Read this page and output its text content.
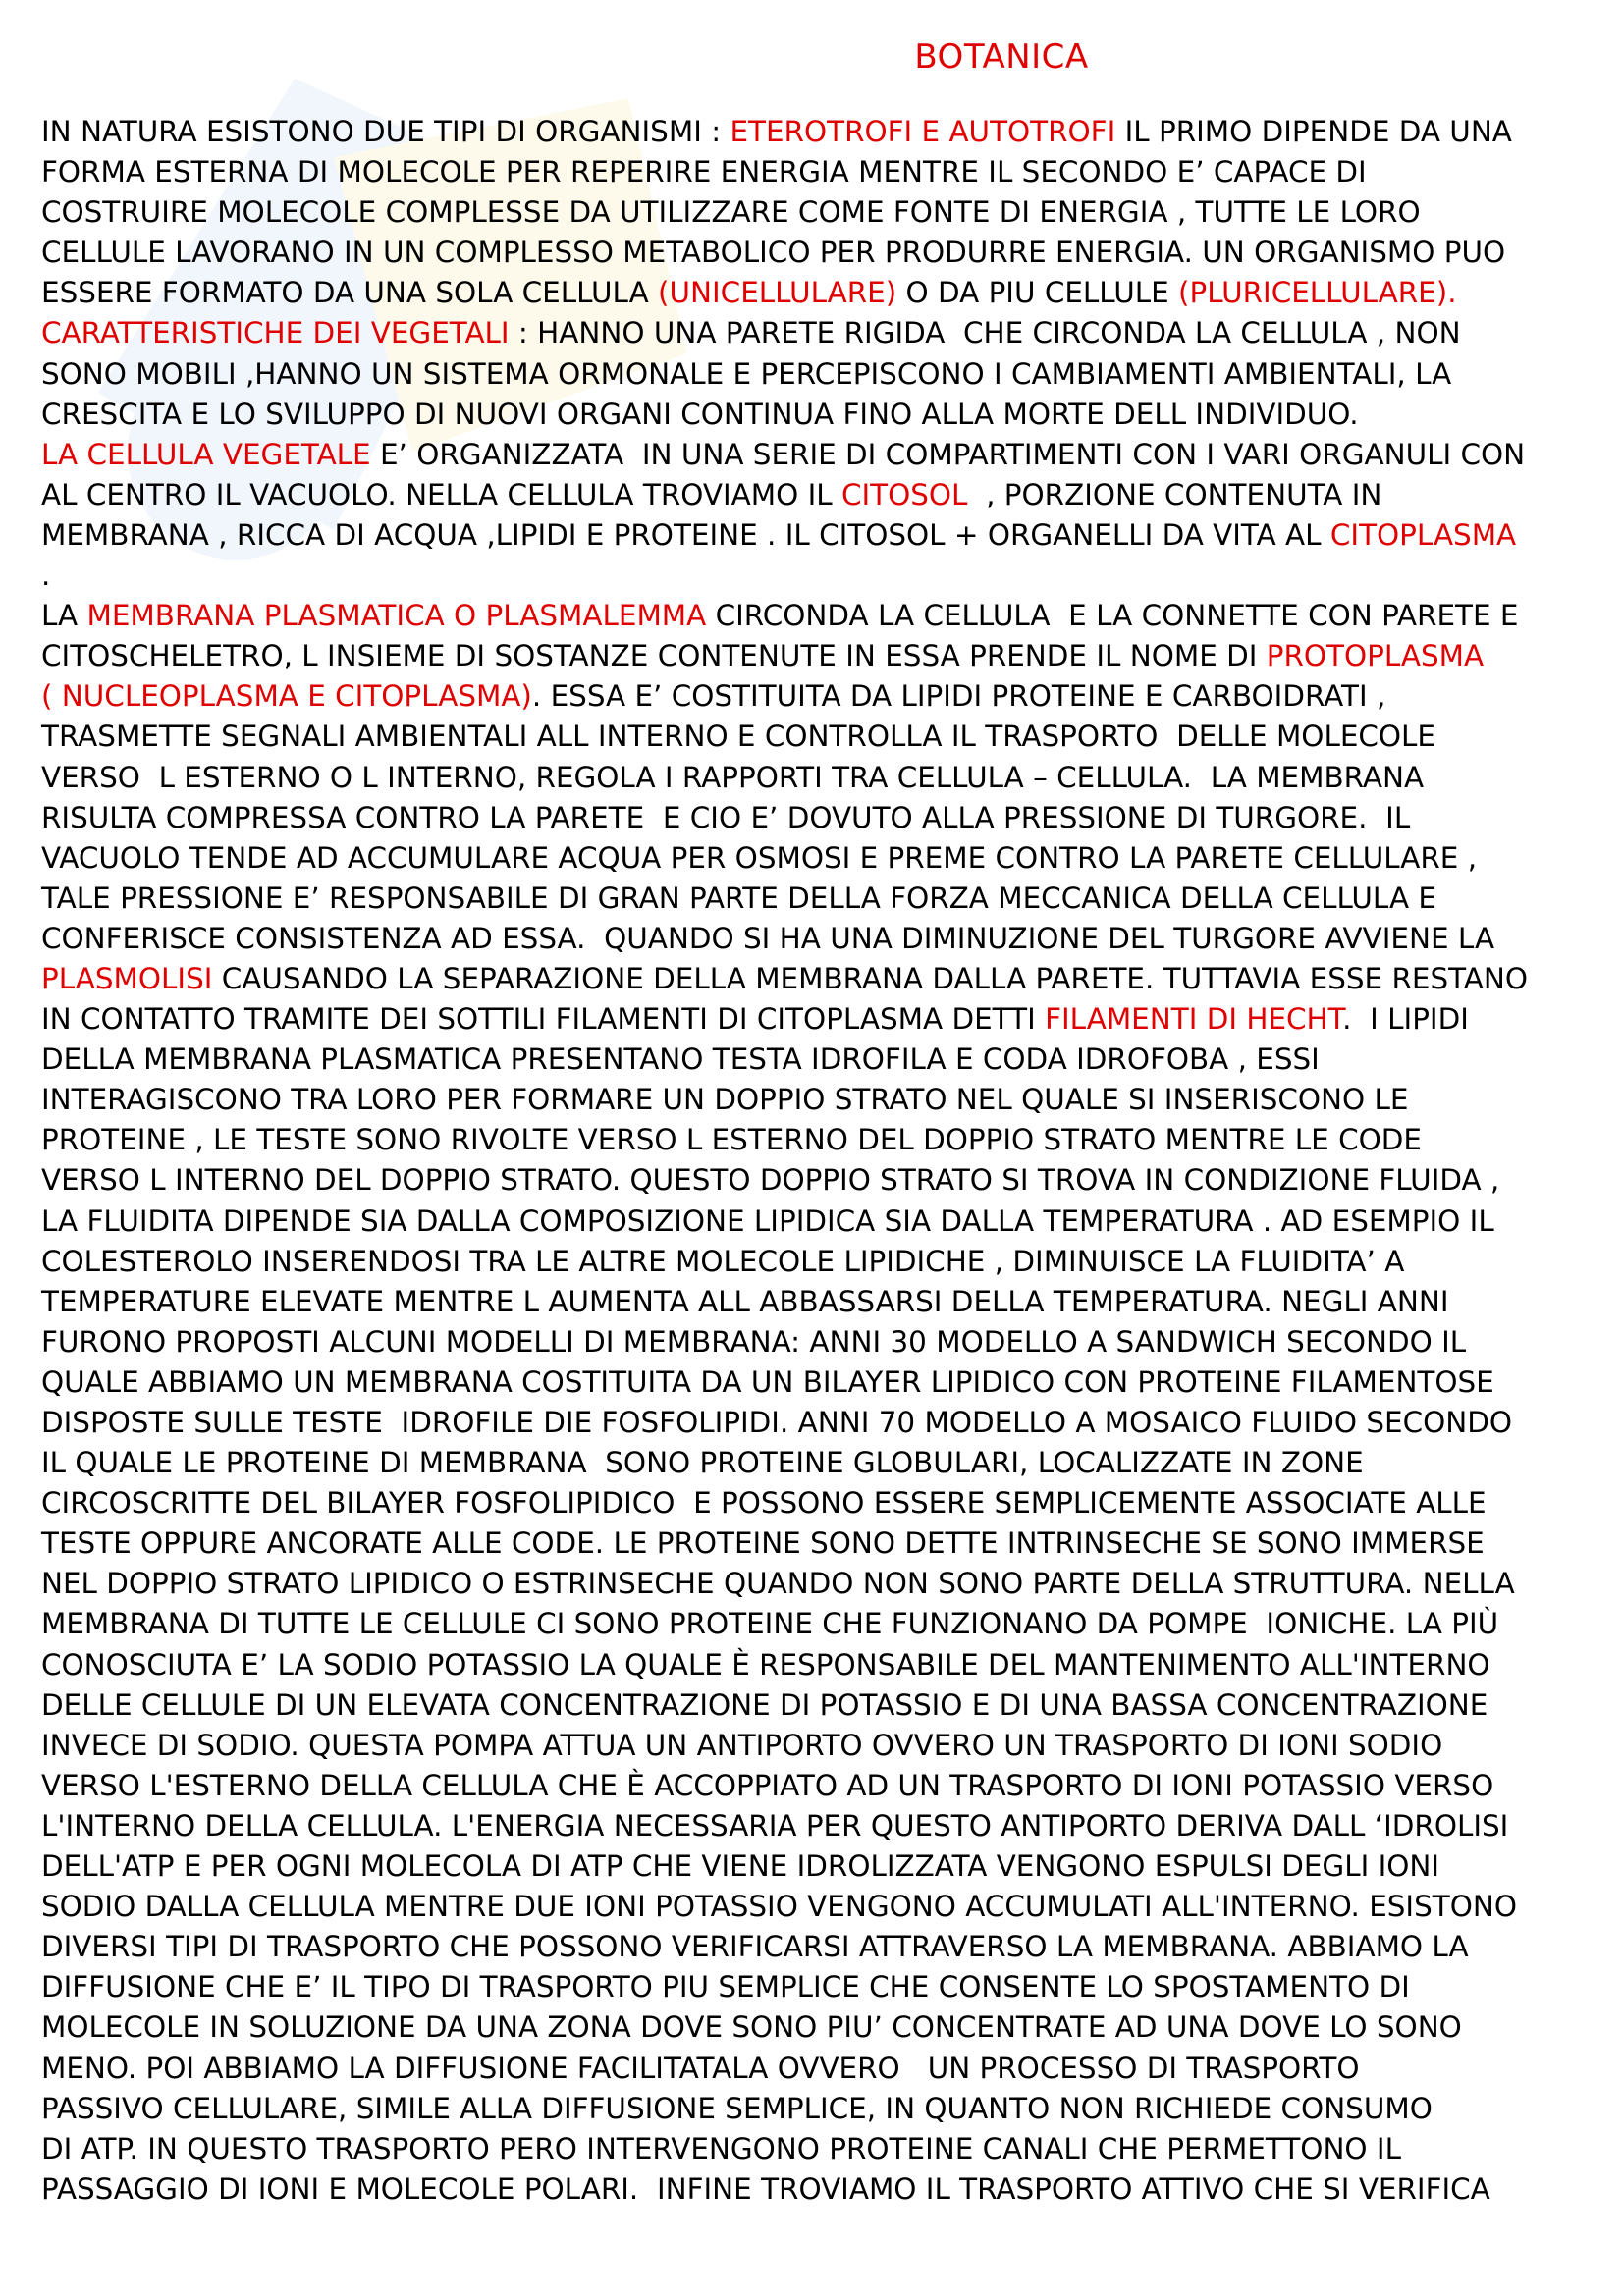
BOTANICA
IN NATURA ESISTONO DUE TIPI DI ORGANISMI : ETEROTROFI E AUTOTROFI IL PRIMO DIPENDE DA UNA
FORMA ESTERNA DI MOLECOLE PER REPERIRE ENERGIA MENTRE IL SECONDO E’ CAPACE DI
COSTRUIRE MOLECOLE COMPLESSE DA UTILIZZARE COME FONTE DI ENERGIA , TUTTE LE LORO
CELLULE LAVORANO IN UN COMPLESSO METABOLICO PER PRODURRE ENERGIA. UN ORGANISMO PUO
ESSERE FORMATO DA UNA SOLA CELLULA (UNICELLULARE) O DA PIU CELLULE (PLURICELLULARE).
CARATTERISTICHE DEI VEGETALI : HANNO UNA PARETE RIGIDA  CHE CIRCONDA LA CELLULA , NON
SONO MOBILI ,HANNO UN SISTEMA ORMONALE E PERCEPISCONO I CAMBIAMENTI AMBIENTALI, LA
CRESCITA E LO SVILUPPO DI NUOVI ORGANI CONTINUA FINO ALLA MORTE DELL INDIVIDUO.
LA CELLULA VEGETALE E’ ORGANIZZATA  IN UNA SERIE DI COMPARTIMENTI CON I VARI ORGANULI CON
AL CENTRO IL VACUOLO. NELLA CELLULA TROVIAMO IL CITOSOL  , PORZIONE CONTENUTA IN
MEMBRANA , RICCA DI ACQUA ,LIPIDI E PROTEINE . IL CITOSOL + ORGANELLI DA VITA AL CITOPLASMA
.
LA MEMBRANA PLASMATICA O PLASMALEMMA CIRCONDA LA CELLULA  E LA CONNETTE CON PARETE E
CITOSCHELETRO, L INSIEME DI SOSTANZE CONTENUTE IN ESSA PRENDE IL NOME DI PROTOPLASMA
( NUCLEOPLASMA E CITOPLASMA). ESSA E’ COSTITUITA DA LIPIDI PROTEINE E CARBOIDRATI ,
TRASMETTE SEGNALI AMBIENTALI ALL INTERNO E CONTROLLA IL TRASPORTO  DELLE MOLECOLE
VERSO  L ESTERNO O L INTERNO, REGOLA I RAPPORTI TRA CELLULA – CELLULA.  LA MEMBRANA
RISULTA COMPRESSA CONTRO LA PARETE  E CIO E’ DOVUTO ALLA PRESSIONE DI TURGORE.  IL
VACUOLO TENDE AD ACCUMULARE ACQUA PER OSMOSI E PREME CONTRO LA PARETE CELLULARE ,
TALE PRESSIONE E’ RESPONSABILE DI GRAN PARTE DELLA FORZA MECCANICA DELLA CELLULA E
CONFERISCE CONSISTENZA AD ESSA.  QUANDO SI HA UNA DIMINUZIONE DEL TURGORE AVVIENE LA
PLASMOLISI CAUSANDO LA SEPARAZIONE DELLA MEMBRANA DALLA PARETE. TUTTAVIA ESSE RESTANO
IN CONTATTO TRAMITE DEI SOTTILI FILAMENTI DI CITOPLASMA DETTI FILAMENTI DI HECHT.  I LIPIDI
DELLA MEMBRANA PLASMATICA PRESENTANO TESTA IDROFILA E CODA IDROFOBA , ESSI
INTERAGISCONO TRA LORO PER FORMARE UN DOPPIO STRATO NEL QUALE SI INSERISCONO LE
PROTEINE , LE TESTE SONO RIVOLTE VERSO L ESTERNO DEL DOPPIO STRATO MENTRE LE CODE
VERSO L INTERNO DEL DOPPIO STRATO. QUESTO DOPPIO STRATO SI TROVA IN CONDIZIONE FLUIDA ,
LA FLUIDITA DIPENDE SIA DALLA COMPOSIZIONE LIPIDICA SIA DALLA TEMPERATURA . AD ESEMPIO IL
COLESTEROLO INSERENDOSI TRA LE ALTRE MOLECOLE LIPIDICHE , DIMINUISCE LA FLUIDITA’ A
TEMPERATURE ELEVATE MENTRE L AUMENTA ALL ABBASSARSI DELLA TEMPERATURA. NEGLI ANNI
FURONO PROPOSTI ALCUNI MODELLI DI MEMBRANA: ANNI 30 MODELLO A SANDWICH SECONDO IL
QUALE ABBIAMO UN MEMBRANA COSTITUITA DA UN BILAYER LIPIDICO CON PROTEINE FILAMENTOSE
DISPOSTE SULLE TESTE  IDROFILE DIE FOSFOLIPIDI. ANNI 70 MODELLO A MOSAICO FLUIDO SECONDO
IL QUALE LE PROTEINE DI MEMBRANA  SONO PROTEINE GLOBULARI, LOCALIZZATE IN ZONE
CIRCOSCRITTE DEL BILAYER FOSFOLIPIDICO  E POSSONO ESSERE SEMPLICEMENTE ASSOCIATE ALLE
TESTE OPPURE ANCORATE ALLE CODE. LE PROTEINE SONO DETTE INTRINSECHE SE SONO IMMERSE
NEL DOPPIO STRATO LIPIDICO O ESTRINSECHE QUANDO NON SONO PARTE DELLA STRUTTURA. NELLA
MEMBRANA DI TUTTE LE CELLULE CI SONO PROTEINE CHE FUNZIONANO DA POMPE  IONICHE. LA PIÙ
CONOSCIUTA E’ LA SODIO POTASSIO LA QUALE È RESPONSABILE DEL MANTENIMENTO ALL'INTERNO
DELLE CELLULE DI UN ELEVATA CONCENTRAZIONE DI POTASSIO E DI UNA BASSA CONCENTRAZIONE
INVECE DI SODIO. QUESTA POMPA ATTUA UN ANTIPORTO OVVERO UN TRASPORTO DI IONI SODIO
VERSO L'ESTERNO DELLA CELLULA CHE È ACCOPPIATO AD UN TRASPORTO DI IONI POTASSIO VERSO
L'INTERNO DELLA CELLULA. L'ENERGIA NECESSARIA PER QUESTO ANTIPORTO DERIVA DALL ‘IDROLISI
DELL'ATP E PER OGNI MOLECOLA DI ATP CHE VIENE IDROLIZZATA VENGONO ESPULSI DEGLI IONI
SODIO DALLA CELLULA MENTRE DUE IONI POTASSIO VENGONO ACCUMULATI ALL'INTERNO. ESISTONO
DIVERSI TIPI DI TRASPORTO CHE POSSONO VERIFICARSI ATTRAVERSO LA MEMBRANA. ABBIAMO LA
DIFFUSIONE CHE E’ IL TIPO DI TRASPORTO PIU SEMPLICE CHE CONSENTE LO SPOSTAMENTO DI
MOLECOLE IN SOLUZIONE DA UNA ZONA DOVE SONO PIU’ CONCENTRATE AD UNA DOVE LO SONO
MENO. POI ABBIAMO LA DIFFUSIONE FACILITATALA OVVERO   UN PROCESSO DI TRASPORTO
PASSIVO CELLULARE, SIMILE ALLA DIFFUSIONE SEMPLICE, IN QUANTO NON RICHIEDE CONSUMO
DI ATP. IN QUESTO TRASPORTO PERO INTERVENGONO PROTEINE CANALI CHE PERMETTONO IL
PASSAGGIO DI IONI E MOLECOLE POLARI.  INFINE TROVIAMO IL TRASPORTO ATTIVO CHE SI VERIFICA
